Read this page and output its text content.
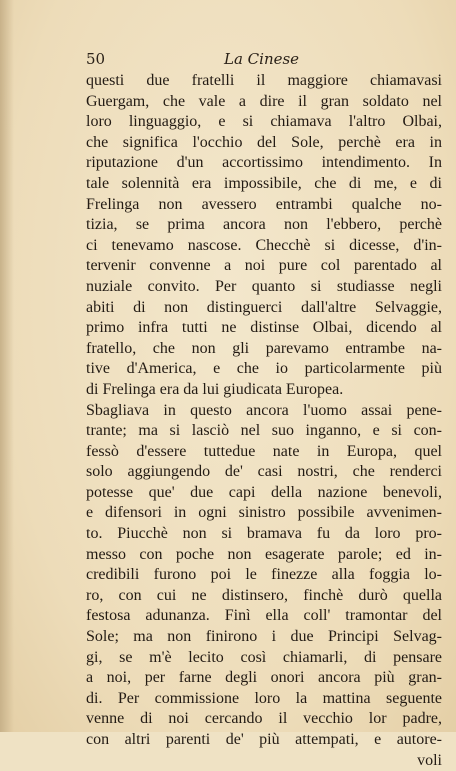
50	La Cinese
questi due fratelli il maggiore chiamavasi
Guergam, che vale a dire il gran soldato nel
loro linguaggio, e si chiamava l'altro Olbai,
che significa l'occhio del Sole, perchè era in
riputazione d'un accortissimo intendimento. In
tale solennità era impossibile, che di me, e di
Frelinga non avessero entrambi qualche no-
tizia, se prima ancora non l'ebbero, perchè
ci tenevamo nascose. Checchè si dicesse, d'in-
tervenir convenne a noi pure col parentado al
nuziale convito. Per quanto si studiasse negli
abiti di non distinguerci dall'altre Selvaggie,
primo infra tutti ne distinse Olbai, dicendo al
fratello, che non gli parevamo entrambe na-
tive d'America, e che io particolarmente più
di Frelinga era da lui giudicata Europea.
Sbagliava in questo ancora l'uomo assai pene-
trante; ma si lasciò nel suo inganno, e si con-
fessò d'essere tuttedue nate in Europa, quel
solo aggiungendo de' casi nostri, che renderci
potesse que' due capi della nazione benevoli,
e difensori in ogni sinistro possibile avvenimen-
to. Piucchè non si bramava fu da loro pro-
messo con poche non esagerate parole; ed in-
credibili furono poi le finezze alla foggia lo-
ro, con cui ne distinsero, finchè durò quella
festosa adunanza. Finì ella coll' tramontar del
Sole; ma non finirono i due Principi Selvag-
gi, se m'è lecito così chiamarli, di pensare
a noi, per farne degli onori ancora più gran-
di. Per commissione loro la mattina seguente
venne di noi cercando il vecchio lor padre,
con altri parenti de' più attempati, e autore-
voli
